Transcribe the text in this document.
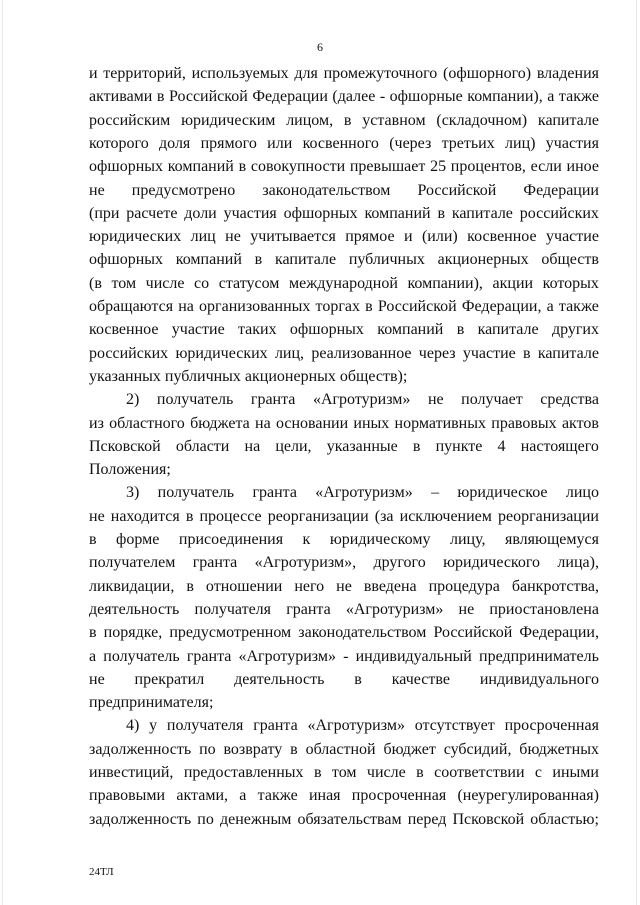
6
и территорий, используемых для промежуточного (офшорного) владения
активами в Российской Федерации (далее - офшорные компании), а также
российским юридическим лицом, в уставном (складочном) капитале
которого доля прямого или косвенного (через третьих лиц) участия
офшорных компаний в совокупности превышает 25 процентов, если иное
не предусмотрено законодательством Российской Федерации
(при расчете доли участия офшорных компаний в капитале российских
юридических лиц не учитывается прямое и (или) косвенное участие
офшорных компаний в капитале публичных акционерных обществ
(в том числе со статусом международной компании), акции которых
обращаются на организованных торгах в Российской Федерации, а также
косвенное участие таких офшорных компаний в капитале других
российских юридических лиц, реализованное через участие в капитале
указанных публичных акционерных обществ);
2) получатель гранта «Агротуризм» не получает средства
из областного бюджета на основании иных нормативных правовых актов
Псковской области на цели, указанные в пункте 4 настоящего
Положения;
3) получатель гранта «Агротуризм» – юридическое лицо
не находится в процессе реорганизации (за исключением реорганизации
в форме присоединения к юридическому лицу, являющемуся
получателем гранта «Агротуризм», другого юридического лица),
ликвидации, в отношении него не введена процедура банкротства,
деятельность получателя гранта «Агротуризм» не приостановлена
в порядке, предусмотренном законодательством Российской Федерации,
а получатель гранта «Агротуризм» - индивидуальный предприниматель
не прекратил деятельность в качестве индивидуального
предпринимателя;
4) у получателя гранта «Агротуризм» отсутствует просроченная
задолженность по возврату в областной бюджет субсидий, бюджетных
инвестиций, предоставленных в том числе в соответствии с иными
правовыми актами, а также иная просроченная (неурегулированная)
задолженность по денежным обязательствам перед Псковской областью;
24ТЛ
